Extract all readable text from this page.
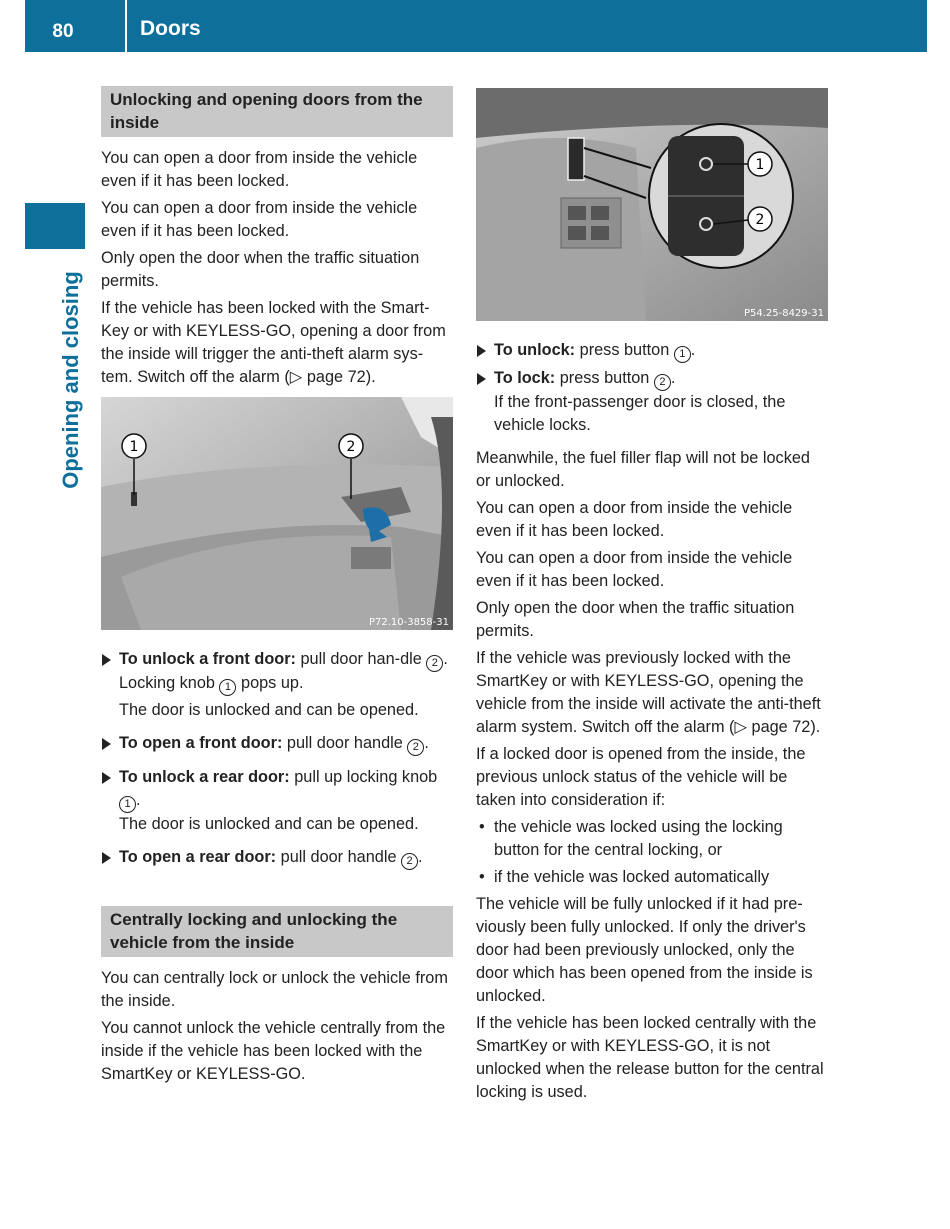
80	Doors
Opening and closing
Unlocking and opening doors from the inside

You can open a door from inside the vehicle even if it has been locked.

You can open a door from inside the vehicle even if it has been locked.

Only open the door when the traffic situation permits.

If the vehicle has been locked with the Smart-Key or with KEYLESS-GO, opening a door from the inside will trigger the anti-theft alarm sys-tem. Switch off the alarm (▷ page 72).

1	2
P72.10-3858-31
To unlock a front door: pull door han-dle 2 .
Locking knob 1 pops up.
The door is unlocked and can be opened.
To open a front door: pull door handle 2 .
To unlock a rear door: pull up locking knob 1 .
The door is unlocked and can be opened.
To open a rear door: pull door handle 2 .
Centrally locking and unlocking the vehicle from the inside

You can centrally lock or unlock the vehicle from the inside.

You cannot unlock the vehicle centrally from the inside if the vehicle has been locked with the SmartKey or KEYLESS-GO.

1
2
P54.25-8429-31
To unlock: press button 1 .
To lock: press button 2 .
If the front-passenger door is closed, the vehicle locks.

Meanwhile, the fuel filler flap will not be locked or unlocked.

You can open a door from inside the vehicle even if it has been locked.

You can open a door from inside the vehicle even if it has been locked.

Only open the door when the traffic situation permits.

If the vehicle was previously locked with the SmartKey or with KEYLESS-GO, opening the vehicle from the inside will activate the anti-theft alarm system. Switch off the alarm (▷ page 72).

If a locked door is opened from the inside, the previous unlock status of the vehicle will be taken into consideration if:

• the vehicle was locked using the locking button for the central locking, or
• if the vehicle was locked automatically

The vehicle will be fully unlocked if it had pre-viously been fully unlocked. If only the driver's door had been previously unlocked, only the door which has been opened from the inside is unlocked.

If the vehicle has been locked centrally with the SmartKey or with KEYLESS-GO, it is not unlocked when the release button for the central locking is used.
